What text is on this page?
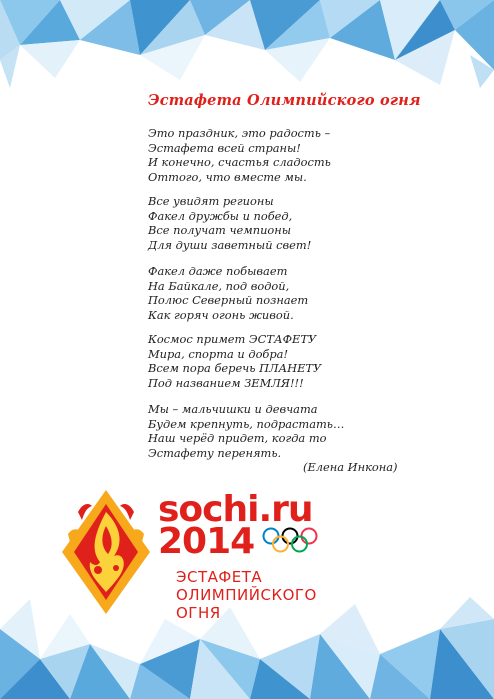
Эстафета Олимпийского огня
Это праздник, это радость –
Эстафета всей страны!
И конечно, счастья сладость
Оттого, что вместе мы.
Все увидят регионы
Факел дружбы и побед,
Все получат чемпионы
Для души заветный свет!
Факел даже побывает
На Байкале, под водой,
Полюс Северный познает
Как горяч огонь живой.
Космос примет ЭСТАФЕТУ
Мира, спорта и добра!
Всем пора беречь ПЛАНЕТУ
Под названием ЗЕМЛЯ!!!
Мы – мальчишки и девчата
Будем крепнуть, подрастать…
Наш черёд придет, когда то
Эстафету перенять.
(Елена Инкона)
sochi.ru
2014
ЭСТАФЕТА
ОЛИМПИЙСКОГО
ОГНЯ
